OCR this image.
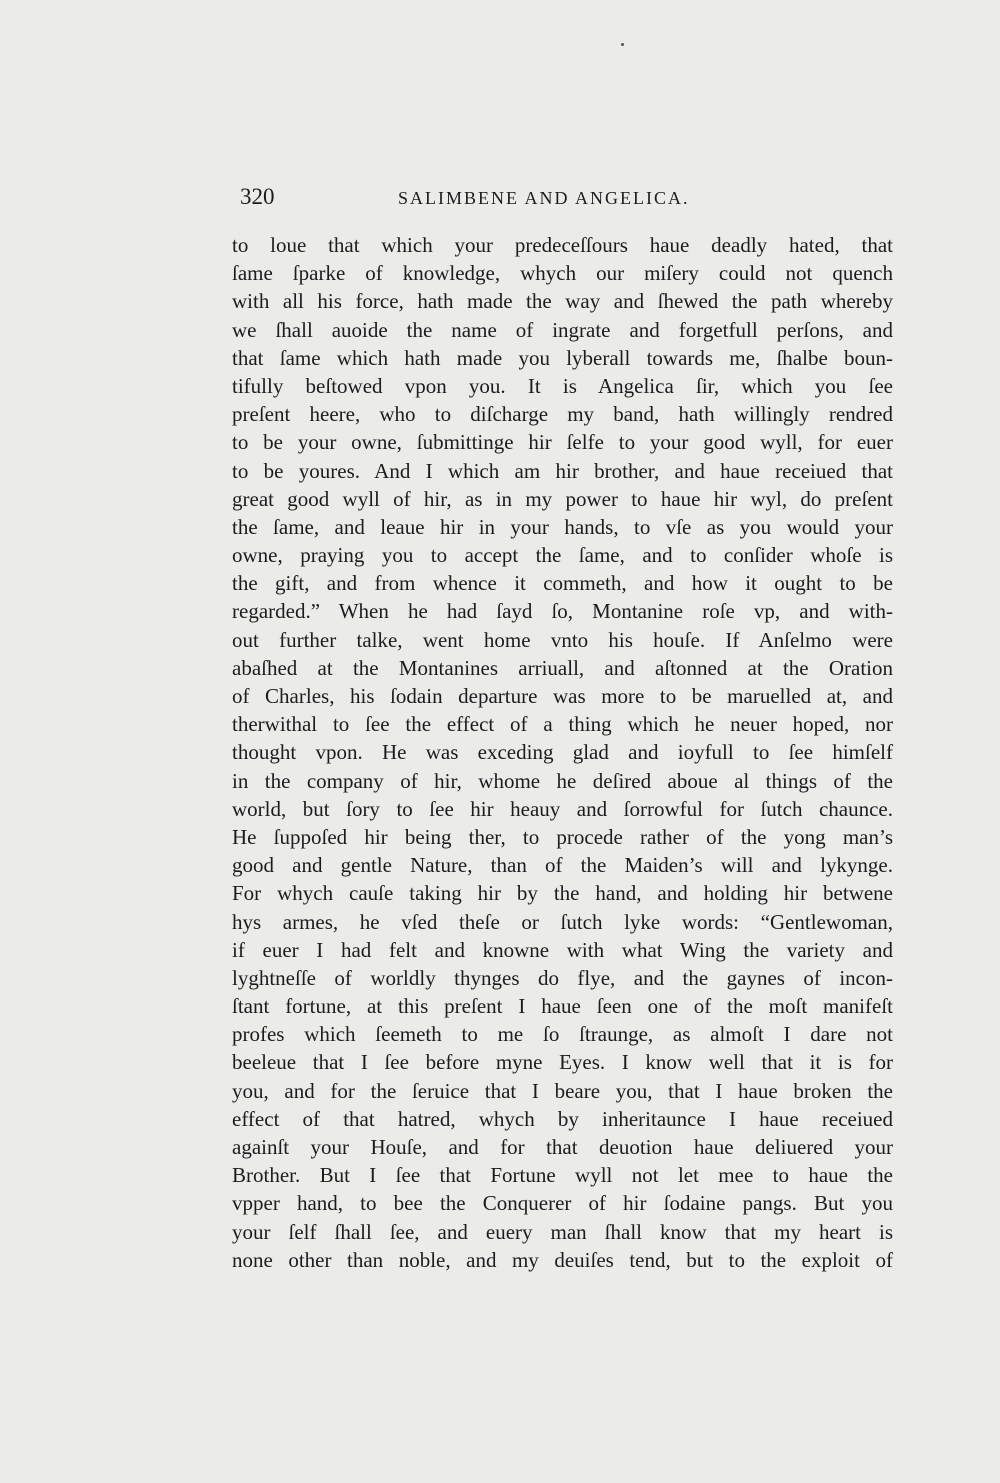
320	SALIMBENE AND ANGELICA.
to loue that which your predeceſſours haue deadly hated, that
ſame ſparke of knowledge, whych our miſery could not quench
with all his force, hath made the way and ſhewed the path whereby
we ſhall auoide the name of ingrate and forgetfull perſons, and
that ſame which hath made you lyberall towards me, ſhalbe boun-
tifully beſtowed vpon you. It is Angelica ſir, which you ſee
preſent heere, who to diſcharge my band, hath willingly rendred
to be your owne, ſubmittinge hir ſelfe to your good wyll, for euer
to be youres. And I which am hir brother, and haue receiued that
great good wyll of hir, as in my power to haue hir wyl, do preſent
the ſame, and leaue hir in your hands, to vſe as you would your
owne, praying you to accept the ſame, and to conſider whoſe is
the gift, and from whence it commeth, and how it ought to be
regarded.” When he had ſayd ſo, Montanine roſe vp, and with-
out further talke, went home vnto his houſe. If Anſelmo were
abaſhed at the Montanines arriuall, and aſtonned at the Oration
of Charles, his ſodain departure was more to be maruelled at, and
therwithal to ſee the effect of a thing which he neuer hoped, nor
thought vpon. He was exceding glad and ioyfull to ſee himſelf
in the company of hir, whome he deſired aboue al things of the
world, but ſory to ſee hir heauy and ſorrowful for ſutch chaunce.
He ſuppoſed hir being ther, to procede rather of the yong man’s
good and gentle Nature, than of the Maiden’s will and lykynge.
For whych cauſe taking hir by the hand, and holding hir betwene
hys armes, he vſed theſe or ſutch lyke words: “Gentlewoman,
if euer I had felt and knowne with what Wing the variety and
lyghtneſſe of worldly thynges do flye, and the gaynes of incon-
ſtant fortune, at this preſent I haue ſeen one of the moſt manifeſt
profes which ſeemeth to me ſo ſtraunge, as almoſt I dare not
beeleue that I ſee before myne Eyes. I know well that it is for
you, and for the ſeruice that I beare you, that I haue broken the
effect of that hatred, whych by inheritaunce I haue receiued
againſt your Houſe, and for that deuotion haue deliuered your
Brother. But I ſee that Fortune wyll not let mee to haue the
vpper hand, to bee the Conquerer of hir ſodaine pangs. But you
your ſelf ſhall ſee, and euery man ſhall know that my heart is
none other than noble, and my deuiſes tend, but to the exploit of
